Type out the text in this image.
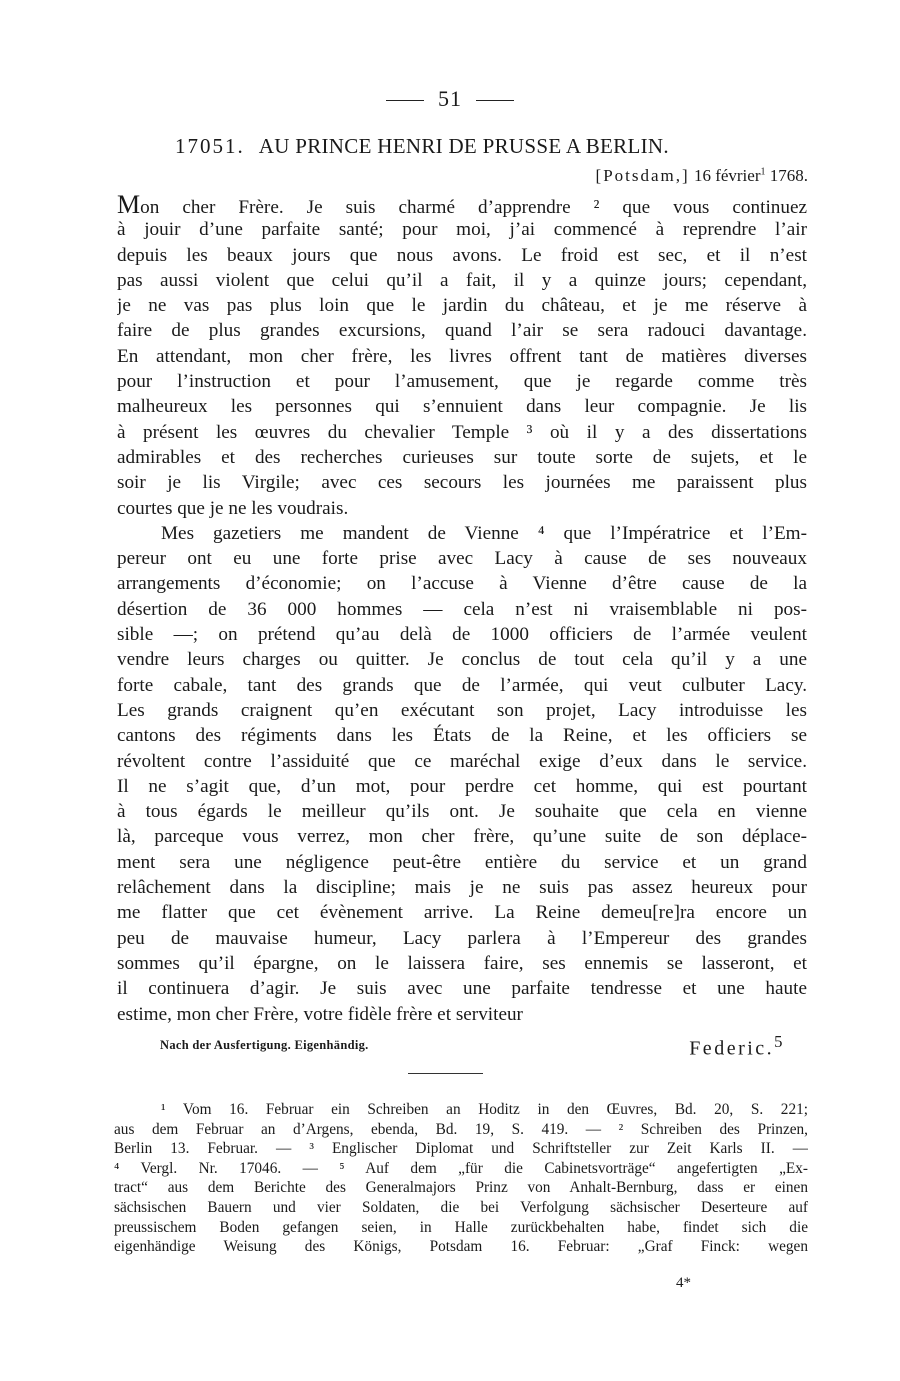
51
17051. AU PRINCE HENRI DE PRUSSE A BERLIN.
[Potsdam,] 16 février$^1$ 1768.
Mon cher Frère. Je suis charmé d’apprendre ² que vous continuez
à jouir d’une parfaite santé; pour moi, j’ai commencé à reprendre l’air
depuis les beaux jours que nous avons. Le froid est sec, et il n’est
pas aussi violent que celui qu’il a fait, il y a quinze jours; cependant,
je ne vas pas plus loin que le jardin du château, et je me réserve à
faire de plus grandes excursions, quand l’air se sera radouci davantage.
En attendant, mon cher frère, les livres offrent tant de matières diverses
pour l’instruction et pour l’amusement, que je regarde comme très
malheureux les personnes qui s’ennuient dans leur compagnie. Je lis
à présent les œuvres du chevalier Temple ³ où il y a des dissertations
admirables et des recherches curieuses sur toute sorte de sujets, et le
soir je lis Virgile; avec ces secours les journées me paraissent plus
courtes que je ne les voudrais.
Mes gazetiers me mandent de Vienne ⁴ que l’Impératrice et l’Em-
pereur ont eu une forte prise avec Lacy à cause de ses nouveaux
arrangements d’économie; on l’accuse à Vienne d’être cause de la
désertion de 36 000 hommes — cela n’est ni vraisemblable ni pos-
sible —; on prétend qu’au delà de 1000 officiers de l’armée veulent
vendre leurs charges ou quitter. Je conclus de tout cela qu’il y a une
forte cabale, tant des grands que de l’armée, qui veut culbuter Lacy.
Les grands craignent qu’en exécutant son projet, Lacy introduisse les
cantons des régiments dans les États de la Reine, et les officiers se
révoltent contre l’assiduité que ce maréchal exige d’eux dans le service.
Il ne s’agit que, d’un mot, pour perdre cet homme, qui est pourtant
à tous égards le meilleur qu’ils ont. Je souhaite que cela en vienne
là, parceque vous verrez, mon cher frère, qu’une suite de son déplace-
ment sera une négligence peut-être entière du service et un grand
relâchement dans la discipline; mais je ne suis pas assez heureux pour
me flatter que cet évènement arrive. La Reine demeu[re]ra encore un
peu de mauvaise humeur, Lacy parlera à l’Empereur des grandes
sommes qu’il épargne, on le laissera faire, ses ennemis se lasseront, et
il continuera d’agir. Je suis avec une parfaite tendresse et une haute
estime, mon cher Frère, votre fidèle frère et serviteur
Nach der Ausfertigung. Eigenhändig.	Federic.$^5$
¹ Vom 16. Februar ein Schreiben an Hoditz in den Œuvres, Bd. 20, S. 221;
aus dem Februar an d’Argens, ebenda, Bd. 19, S. 419. — ² Schreiben des Prinzen,
Berlin 13. Februar. — ³ Englischer Diplomat und Schriftsteller zur Zeit Karls II. —
⁴ Vergl. Nr. 17046. — ⁵ Auf dem „für die Cabinetsvorträge“ angefertigten „Ex-
tract“ aus dem Berichte des Generalmajors Prinz von Anhalt-Bernburg, dass er einen
sächsischen Bauern und vier Soldaten, die bei Verfolgung sächsischer Deserteure auf
preussischem Boden gefangen seien, in Halle zurückbehalten habe, findet sich die
eigenhändige Weisung des Königs, Potsdam 16. Februar: „Graf Finck: wegen
4*
